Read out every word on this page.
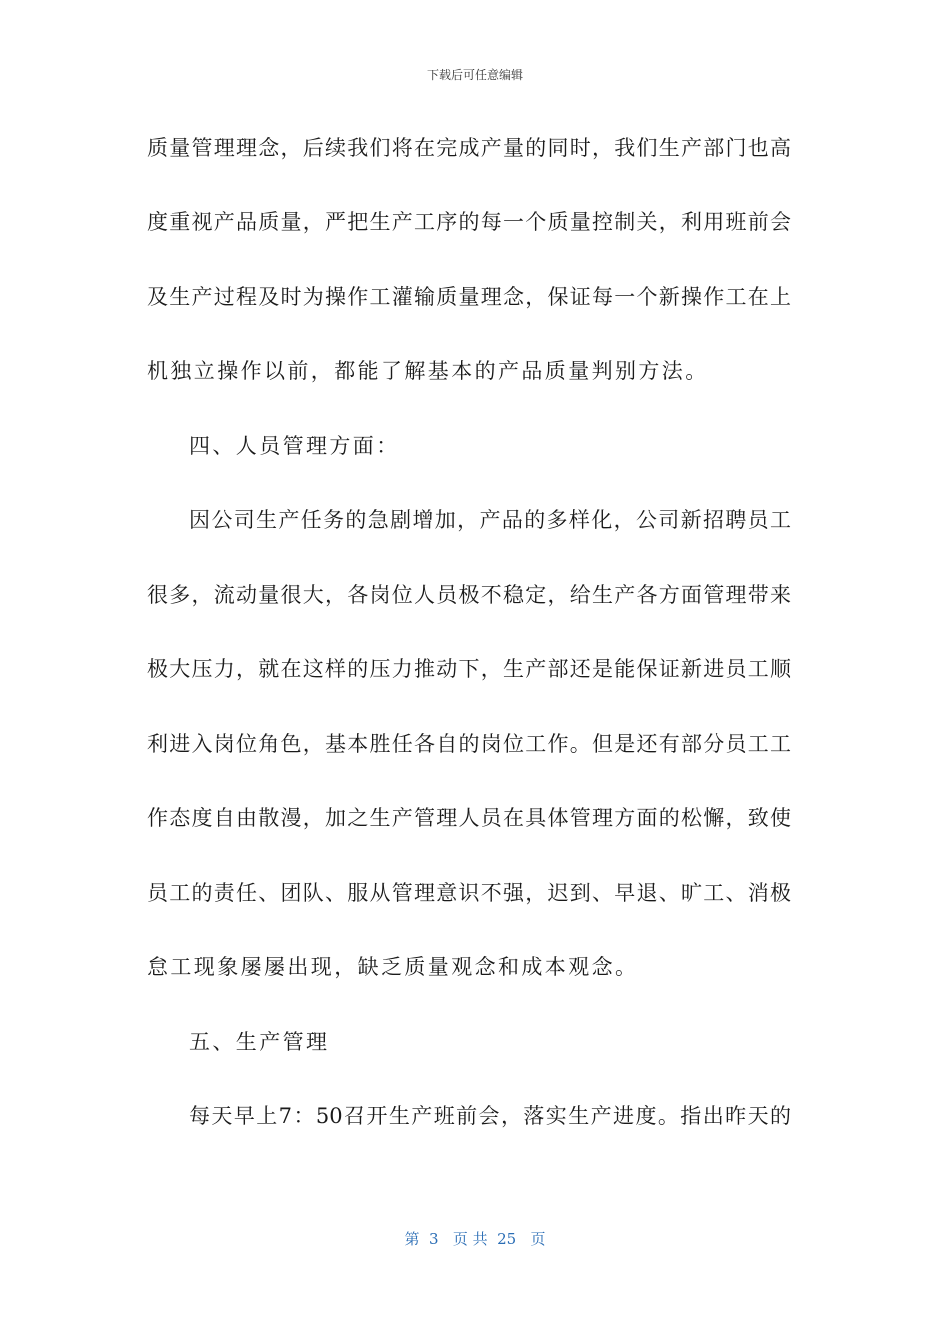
下载后可任意编辑
质量管理理念，后续我们将在完成产量的同时，我们生产部门也高
度重视产品质量，严把生产工序的每一个质量控制关，利用班前会
及生产过程及时为操作工灌输质量理念，保证每一个新操作工在上
机独立操作以前，都能了解基本的产品质量判别方法。
四、人员管理方面：
因公司生产任务的急剧增加，产品的多样化，公司新招聘员工
很多，流动量很大，各岗位人员极不稳定，给生产各方面管理带来
极大压力，就在这样的压力推动下，生产部还是能保证新进员工顺
利进入岗位角色，基本胜任各自的岗位工作。但是还有部分员工工
作态度自由散漫，加之生产管理人员在具体管理方面的松懈，致使
员工的责任、团队、服从管理意识不强，迟到、早退、旷工、消极
怠工现象屡屡出现，缺乏质量观念和成本观念。
五、生产管理
每天早上7：50召开生产班前会，落实生产进度。指出昨天的
第  3   页 共  25   页
